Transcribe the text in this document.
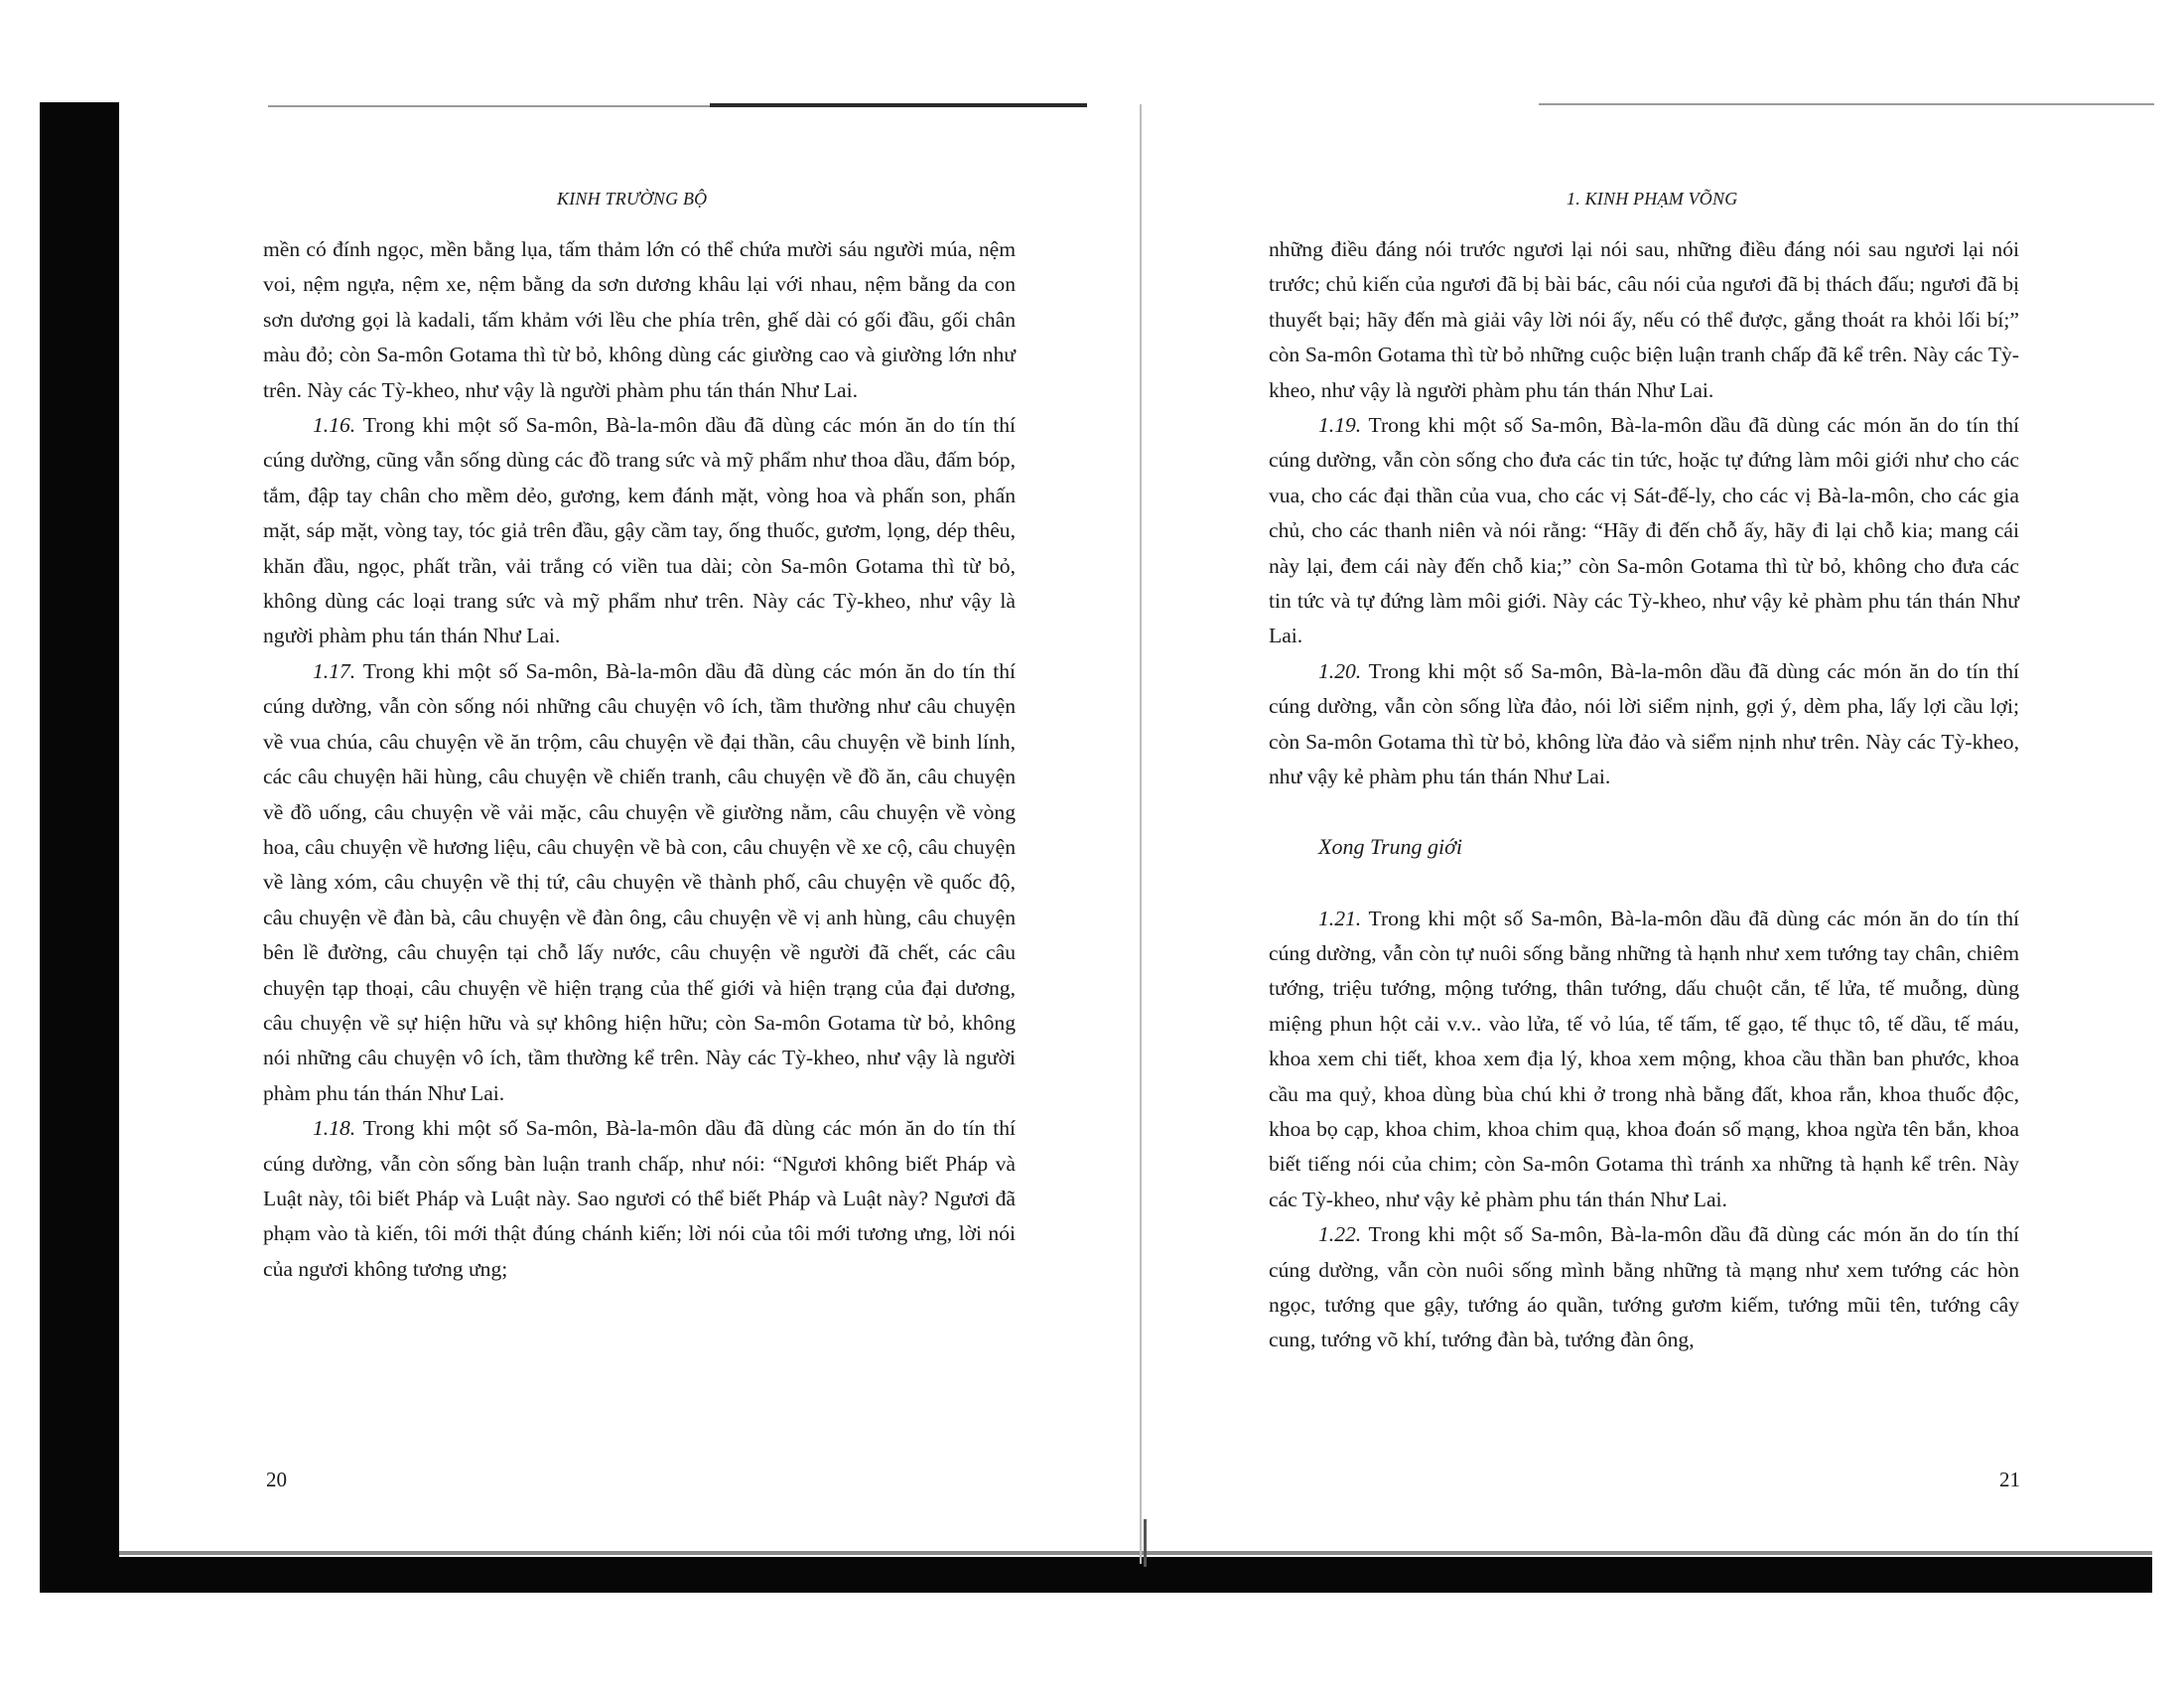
KINH TRƯỜNG BỘ

mền có đính ngọc, mền bằng lụa, tấm thảm lớn có thể chứa mười sáu người múa, nệm voi, nệm ngựa, nệm xe, nệm bằng da sơn dương khâu lại với nhau, nệm bằng da con sơn dương gọi là kadali, tấm khảm với lều che phía trên, ghế dài có gối đầu, gối chân màu đỏ; còn Sa-môn Gotama thì từ bỏ, không dùng các giường cao và giường lớn như trên. Này các Tỳ-kheo, như vậy là người phàm phu tán thán Như Lai.

1.16. Trong khi một số Sa-môn, Bà-la-môn dầu đã dùng các món ăn do tín thí cúng dường, cũng vẫn sống dùng các đồ trang sức và mỹ phẩm như thoa dầu, đấm bóp, tắm, đập tay chân cho mềm dẻo, gương, kem đánh mặt, vòng hoa và phấn son, phấn mặt, sáp mặt, vòng tay, tóc giả trên đầu, gậy cầm tay, ống thuốc, gươm, lọng, dép thêu, khăn đầu, ngọc, phất trần, vải trắng có viền tua dài; còn Sa-môn Gotama thì từ bỏ, không dùng các loại trang sức và mỹ phẩm như trên. Này các Tỳ-kheo, như vậy là người phàm phu tán thán Như Lai.

1.17. Trong khi một số Sa-môn, Bà-la-môn dầu đã dùng các món ăn do tín thí cúng dường, vẫn còn sống nói những câu chuyện vô ích, tầm thường như câu chuyện về vua chúa, câu chuyện về ăn trộm, câu chuyện về đại thần, câu chuyện về binh lính, các câu chuyện hãi hùng, câu chuyện về chiến tranh, câu chuyện về đồ ăn, câu chuyện về đồ uống, câu chuyện về vải mặc, câu chuyện về giường nằm, câu chuyện về vòng hoa, câu chuyện về hương liệu, câu chuyện về bà con, câu chuyện về xe cộ, câu chuyện về làng xóm, câu chuyện về thị tứ, câu chuyện về thành phố, câu chuyện về quốc độ, câu chuyện về đàn bà, câu chuyện về đàn ông, câu chuyện về vị anh hùng, câu chuyện bên lề đường, câu chuyện tại chỗ lấy nước, câu chuyện về người đã chết, các câu chuyện tạp thoại, câu chuyện về hiện trạng của thế giới và hiện trạng của đại dương, câu chuyện về sự hiện hữu và sự không hiện hữu; còn Sa-môn Gotama từ bỏ, không nói những câu chuyện vô ích, tầm thường kể trên. Này các Tỳ-kheo, như vậy là người phàm phu tán thán Như Lai.

1.18. Trong khi một số Sa-môn, Bà-la-môn dầu đã dùng các món ăn do tín thí cúng dường, vẫn còn sống bàn luận tranh chấp, như nói: “Ngươi không biết Pháp và Luật này, tôi biết Pháp và Luật này. Sao ngươi có thể biết Pháp và Luật này? Ngươi đã phạm vào tà kiến, tôi mới thật đúng chánh kiến; lời nói của tôi mới tương ưng, lời nói của ngươi không tương ưng;

20
1. KINH PHẠM VÕNG

những điều đáng nói trước ngươi lại nói sau, những điều đáng nói sau ngươi lại nói trước; chủ kiến của ngươi đã bị bài bác, câu nói của ngươi đã bị thách đấu; ngươi đã bị thuyết bại; hãy đến mà giải vây lời nói ấy, nếu có thể được, gắng thoát ra khỏi lối bí;” còn Sa-môn Gotama thì từ bỏ những cuộc biện luận tranh chấp đã kể trên. Này các Tỳ-kheo, như vậy là người phàm phu tán thán Như Lai.

1.19. Trong khi một số Sa-môn, Bà-la-môn dầu đã dùng các món ăn do tín thí cúng dường, vẫn còn sống cho đưa các tin tức, hoặc tự đứng làm môi giới như cho các vua, cho các đại thần của vua, cho các vị Sát-đế-ly, cho các vị Bà-la-môn, cho các gia chủ, cho các thanh niên và nói rằng: “Hãy đi đến chỗ ấy, hãy đi lại chỗ kia; mang cái này lại, đem cái này đến chỗ kia;” còn Sa-môn Gotama thì từ bỏ, không cho đưa các tin tức và tự đứng làm môi giới. Này các Tỳ-kheo, như vậy kẻ phàm phu tán thán Như Lai.

1.20. Trong khi một số Sa-môn, Bà-la-môn dầu đã dùng các món ăn do tín thí cúng dường, vẫn còn sống lừa đảo, nói lời siểm nịnh, gợi ý, dèm pha, lấy lợi cầu lợi; còn Sa-môn Gotama thì từ bỏ, không lừa đảo và siểm nịnh như trên. Này các Tỳ-kheo, như vậy kẻ phàm phu tán thán Như Lai.

Xong Trung giới

1.21. Trong khi một số Sa-môn, Bà-la-môn dầu đã dùng các món ăn do tín thí cúng dường, vẫn còn tự nuôi sống bằng những tà hạnh như xem tướng tay chân, chiêm tướng, triệu tướng, mộng tướng, thân tướng, dấu chuột cắn, tế lửa, tế muỗng, dùng miệng phun hột cải v.v.. vào lửa, tế vỏ lúa, tế tấm, tế gạo, tế thục tô, tế dầu, tế máu, khoa xem chi tiết, khoa xem địa lý, khoa xem mộng, khoa cầu thần ban phước, khoa cầu ma quỷ, khoa dùng bùa chú khi ở trong nhà bằng đất, khoa rắn, khoa thuốc độc, khoa bọ cạp, khoa chim, khoa chim quạ, khoa đoán số mạng, khoa ngừa tên bắn, khoa biết tiếng nói của chim; còn Sa-môn Gotama thì tránh xa những tà hạnh kể trên. Này các Tỳ-kheo, như vậy kẻ phàm phu tán thán Như Lai.

1.22. Trong khi một số Sa-môn, Bà-la-môn dầu đã dùng các món ăn do tín thí cúng dường, vẫn còn nuôi sống mình bằng những tà mạng như xem tướng các hòn ngọc, tướng que gậy, tướng áo quần, tướng gươm kiếm, tướng mũi tên, tướng cây cung, tướng võ khí, tướng đàn bà, tướng đàn ông,

21
